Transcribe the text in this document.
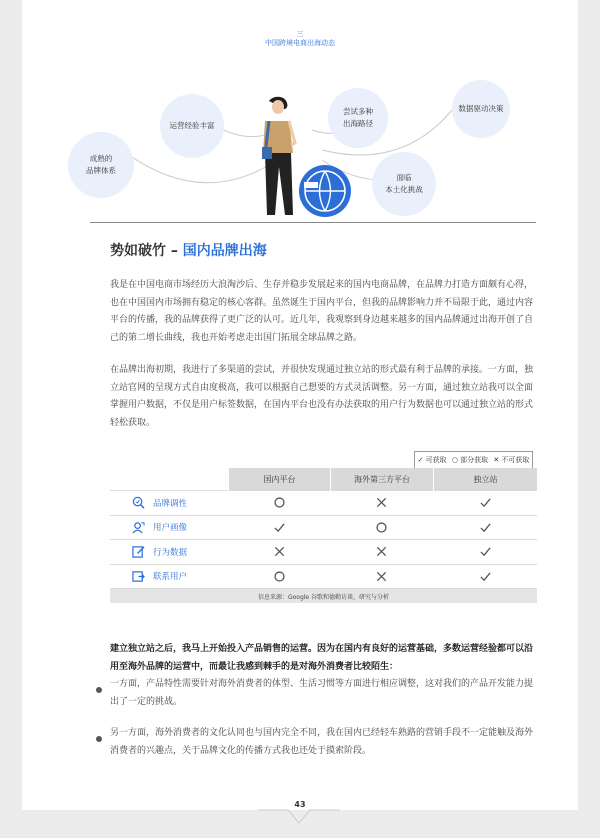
三
中国跨境电商出海动态
成熟的
品牌体系
运营经验丰富
尝试多种
出海路径
数据驱动决策
面临
本土化挑战
势如破竹 – 国内品牌出海
我是在中国电商市场经历大浪淘沙后、生存并稳步发展起来的国内电商品牌，在品牌力打造方面颇有心得，也在中国国内市场拥有稳定的核心客群。虽然诞生于国内平台，但我的品牌影响力并不局限于此，通过内容平台的传播，我的品牌获得了更广泛的认可。近几年，我观察到身边越来越多的国内品牌通过出海开创了自己的第二增长曲线，我也开始考虑走出国门拓展全球品牌之路。
在品牌出海初期，我进行了多渠道的尝试，并很快发现通过独立站的形式最有利于品牌的承接。一方面，独立站官网的呈现方式自由度极高，我可以根据自己想要的方式灵活调整。另一方面，通过独立站我可以全面掌握用户数据，不仅是用户标签数据，在国内平台也没有办法获取的用户行为数据也可以通过独立站的形式轻松获取。
✓ 可获取 ○ 部分获取 ✕ 不可获取
国内平台	海外第三方平台	独立站
品牌调性
用户画像
行为数据
联系用户
信息来源：Google 谷歌和德勤访谈、研究与分析
建立独立站之后，我马上开始投入产品销售的运营。因为在国内有良好的运营基础，多数运营经验都可以沿用至海外品牌的运营中，而最让我感到棘手的是对海外消费者比较陌生：
一方面，产品特性需要针对海外消费者的体型、生活习惯等方面进行相应调整，这对我们的产品开发能力提出了一定的挑战。
另一方面，海外消费者的文化认同也与国内完全不同，我在国内已经轻车熟路的营销手段不一定能触及海外消费者的兴趣点，关于品牌文化的传播方式我也还处于摸索阶段。
43
